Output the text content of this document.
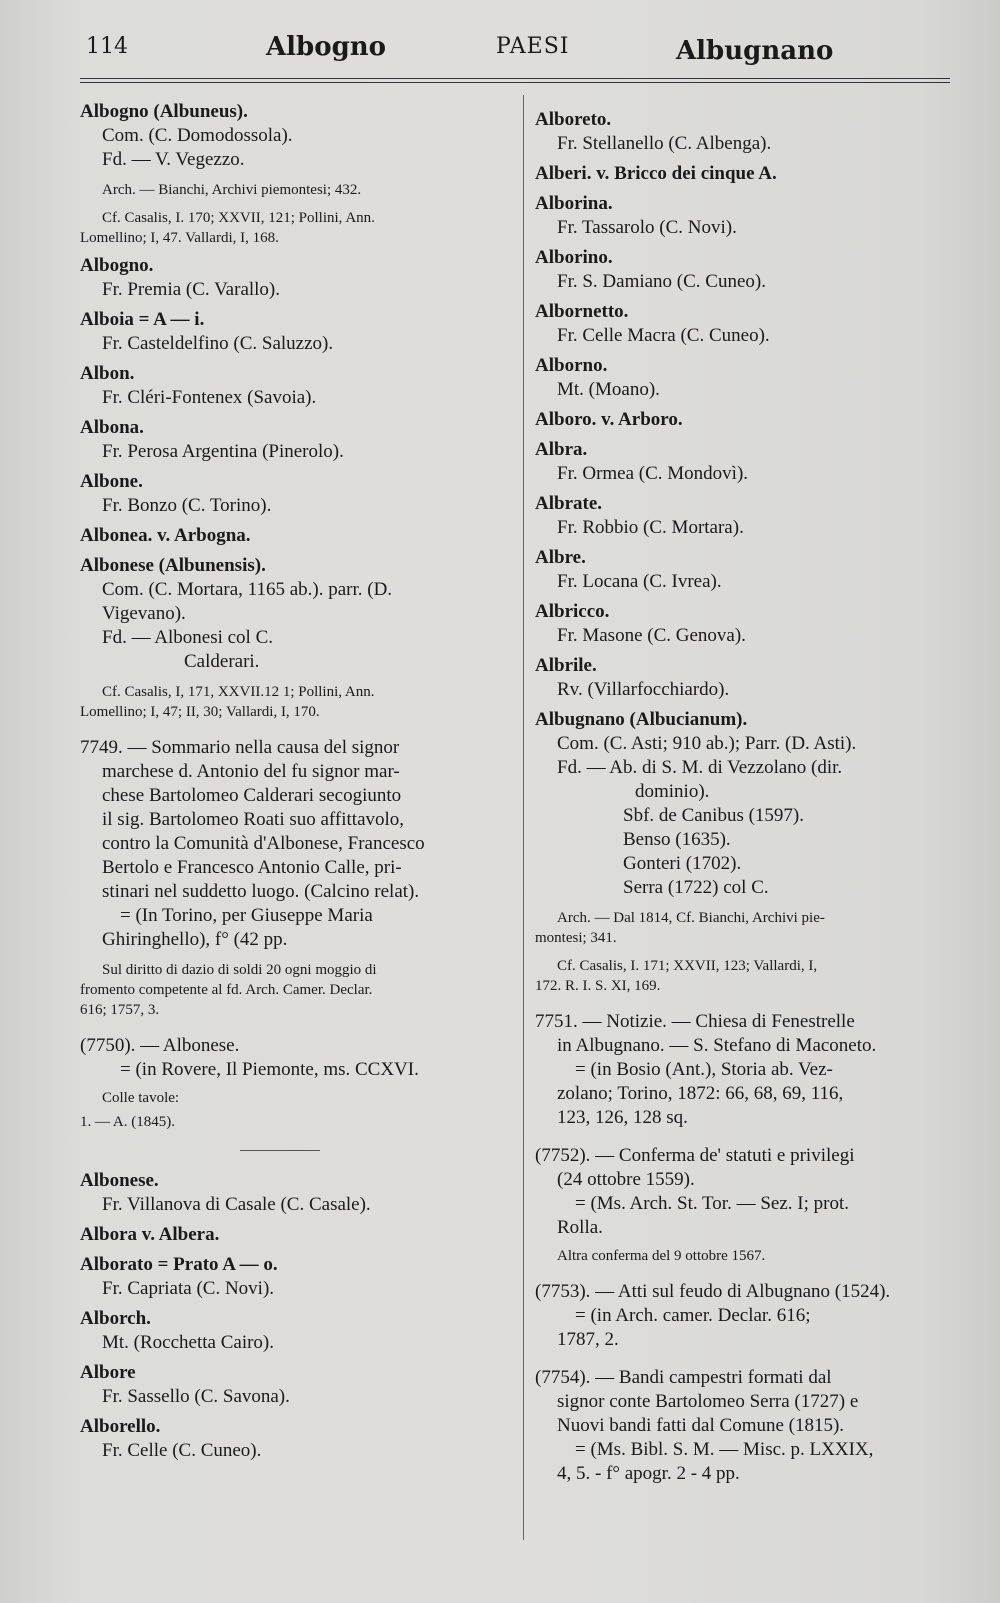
114	Albogno	PAESI	Albugnano
Albogno (Albuneus).
Com. (C. Domodossola).
Fd. — V. Vegezzo.
Arch. — Bianchi, Archivi piemontesi; 432.
Cf. Casalis, I. 170; XXVII, 121; Pollini, Ann.
Lomellino; I, 47. Vallardi, I, 168.
Albogno.
Fr. Premia (C. Varallo).
Alboia = A — i.
Fr. Casteldelfino (C. Saluzzo).
Albon.
Fr. Cléri-Fontenex (Savoia).
Albona.
Fr. Perosa Argentina (Pinerolo).
Albone.
Fr. Bonzo (C. Torino).
Albonea. v. Arbogna.
Albonese (Albunensis).
Com. (C. Mortara, 1165 ab.). parr. (D.
Vigevano).
Fd. — Albonesi col C.
Calderari.
Cf. Casalis, I, 171, XXVII.12 1; Pollini, Ann.
Lomellino; I, 47; II, 30; Vallardi, I, 170.
7749. — Sommario nella causa del signor
marchese d. Antonio del fu signor mar-
chese Bartolomeo Calderari secogiunto
il sig. Bartolomeo Roati suo affittavolo,
contro la Comunità d'Albonese, Francesco
Bertolo e Francesco Antonio Calle, pri-
stinari nel suddetto luogo. (Calcino relat).
= (In Torino, per Giuseppe Maria
Ghiringhello), f° (42 pp.
Sul diritto di dazio di soldi 20 ogni moggio di
fromento competente al fd. Arch. Camer. Declar.
616; 1757, 3.
(7750). — Albonese.
= (in Rovere, Il Piemonte, ms. CCXVI.
Colle tavole:
1. — A. (1845).
Albonese.
Fr. Villanova di Casale (C. Casale).
Albora v. Albera.
Alborato = Prato A — o.
Fr. Capriata (C. Novi).
Alborch.
Mt. (Rocchetta Cairo).
Albore
Fr. Sassello (C. Savona).
Alborello.
Fr. Celle (C. Cuneo).
Alboreto.
Fr. Stellanello (C. Albenga).
Alberi. v. Bricco dei cinque A.
Alborina.
Fr. Tassarolo (C. Novi).
Alborino.
Fr. S. Damiano (C. Cuneo).
Albornetto.
Fr. Celle Macra (C. Cuneo).
Alborno.
Mt. (Moano).
Alboro. v. Arboro.
Albra.
Fr. Ormea (C. Mondovì).
Albrate.
Fr. Robbio (C. Mortara).
Albre.
Fr. Locana (C. Ivrea).
Albricco.
Fr. Masone (C. Genova).
Albrile.
Rv. (Villarfocchiardo).
Albugnano (Albucianum).
Com. (C. Asti; 910 ab.); Parr. (D. Asti).
Fd. — Ab. di S. M. di Vezzolano (dir.
dominio).
Sbf. de Canibus (1597).
Benso (1635).
Gonteri (1702).
Serra (1722) col C.
Arch. — Dal 1814, Cf. Bianchi, Archivi pie-
montesi; 341.
Cf. Casalis, I. 171; XXVII, 123; Vallardi, I,
172. R. I. S. XI, 169.
7751. — Notizie. — Chiesa di Fenestrelle
in Albugnano. — S. Stefano di Maconeto.
= (in Bosio (Ant.), Storia ab. Vez-
zolano; Torino, 1872: 66, 68, 69, 116,
123, 126, 128 sq.
(7752). — Conferma de' statuti e privilegi
(24 ottobre 1559).
= (Ms. Arch. St. Tor. — Sez. I; prot.
Rolla.
Altra conferma del 9 ottobre 1567.
(7753). — Atti sul feudo di Albugnano (1524).
= (in Arch. camer. Declar. 616;
1787, 2.
(7754). — Bandi campestri formati dal
signor conte Bartolomeo Serra (1727) e
Nuovi bandi fatti dal Comune (1815).
= (Ms. Bibl. S. M. — Misc. p. LXXIX,
4, 5. - f° apogr. 2 - 4 pp.
